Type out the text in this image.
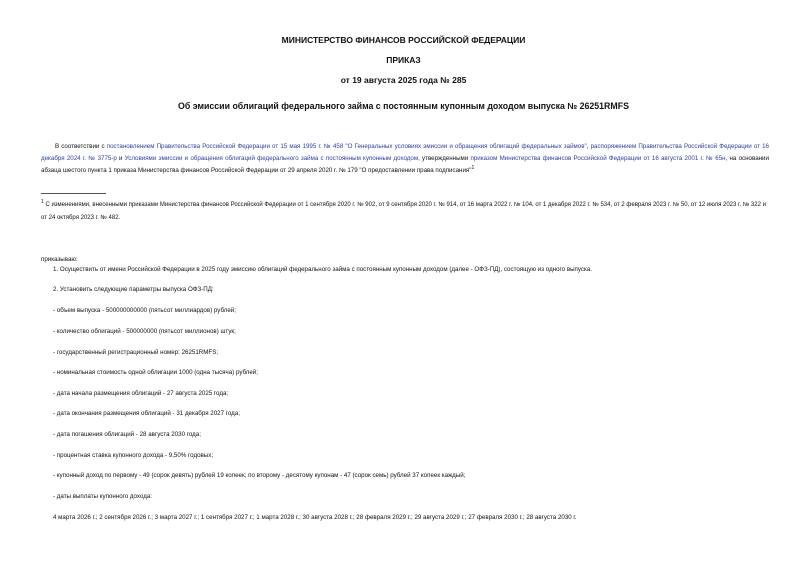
МИНИСТЕРСТВО ФИНАНСОВ РОССИЙСКОЙ ФЕДЕРАЦИИ
ПРИКАЗ
от 19 августа 2025 года № 285
Об эмиссии облигаций федерального займа с постоянным купонным доходом выпуска № 26251RMFS
В соответствии с постановлением Правительства Российской Федерации от 15 мая 1995 г. № 458 "О Генеральных условиях эмиссии и обращения облигаций федеральных займов", распоряжением Правительства Российской Федерации от 16 декабря 2024 г. № 3775-р и Условиями эмиссии и обращения облигаций федерального займа с постоянным купонным доходом, утвержденными приказом Министерства финансов Российской Федерации от 16 августа 2001 г. № 65н, на основании абзаца шестого пункта 1 приказа Министерства финансов Российской Федерации от 29 апреля 2020 г. № 179 "О предоставлении права подписания"$^1$
$^1$ С изменениями, внесенными приказами Министерства финансов Российской Федерации от 1 сентября 2020 г. № 902, от 9 сентября 2020 г. № 914, от 16 марта 2022 г. № 104, от 1 декабря 2022 г. № 534, от 2 февраля 2023 г. № 50, от 12 июля 2023 г. № 322 и от 24 октября 2023 г. № 482.
приказываю:
1. Осуществить от имени Российской Федерации в 2025 году эмиссию облигаций федерального займа с постоянным купонным доходом (далее - ОФЗ-ПД), состоящую из одного выпуска.
2. Установить следующие параметры выпуска ОФЗ-ПД:
- объем выпуска - 500000000000 (пятьсот миллиардов) рублей;
- количество облигаций - 500000000 (пятьсот миллионов) штук;
- государственный регистрационный номер: 26251RMFS;
- номинальная стоимость одной облигации 1000 (одна тысяча) рублей;
- дата начала размещения облигаций - 27 августа 2025 года;
- дата окончания размещения облигаций - 31 декабря 2027 года;
- дата погашения облигаций - 28 августа 2030 года;
- процентная ставка купонного дохода - 9,50% годовых;
- купонный доход по первому - 49 (сорок девять) рублей 19 копеек; по второму - десятому купонам - 47 (сорок семь) рублей 37 копеек каждый;
- даты выплаты купонного дохода:
4 марта 2026 г.; 2 сентября 2026 г.; 3 марта 2027 г.; 1 сентября 2027 г.; 1 марта 2028 г.; 30 августа 2028 г.; 28 февраля 2029 г.; 29 августа 2029 г.; 27 февраля 2030 г.; 28 августа 2030 г.
